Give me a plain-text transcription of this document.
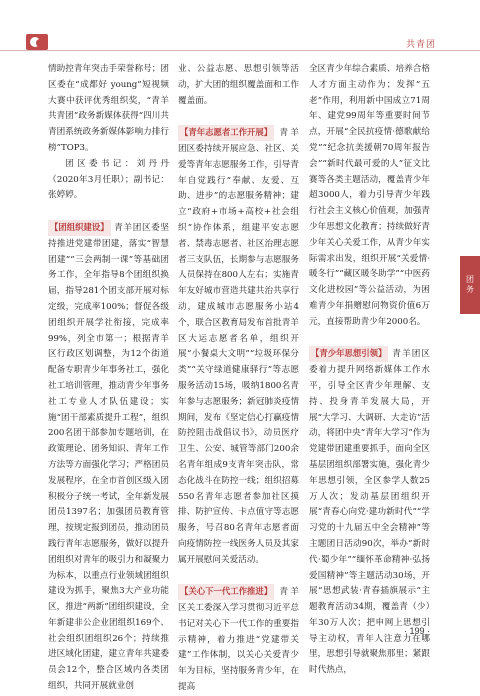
共青团
团务

情助控青年突击手荣誉称号；团区委在“成都好 young”短视频大赛中获评优秀组织奖，“青羊共青团”政务新媒体获得“四川共青团系统政务新媒体影响力排行榜”TOP3。

团区委书记：刘丹丹（2020年3月任职）；副书记：张婷婷。

【团组织建设】 青羊团区委坚持推进党建带团建，落实“智慧团建”“三会两制一课”等基础团务工作，全年指导8个团组织换届，指导281个团支部开展对标定级，完成率100%；督促各级团组织开展学社衔接，完成率99%，列全市第一；根据青羊区行政区划调整，为12个街道配备专职青少年事务社工，强化社工培训管理，推动青少年事务社工专业人才队伍建设；实施“团干部素质提升工程”，组织200名团干部参加专题培训，在政策理论、团务知识、青年工作方法等方面强化学习；严格团员发展程序，在全市首创区级入团积极分子统一考试，全年新发展团员1397名；加强团员教育管理，按规定报到团员，推动团员践行青年志愿服务，做好以提升团组织对青年的吸引力和凝聚力为标本，以重点行业领域团组织建设为抓手，聚焦3大产业功能区，推进“两新”团组织建设，全年新建非公企业团组织169个、社会组织团组织26个；持续推进区域化团建，建立青年共建委员会12个，整合区域内各类团组织，共同开展就业创

业、公益志愿、思想引领等活动，扩大团的组织覆盖面和工作覆盖面。

【青年志愿者工作开展】 青羊团区委持续开展应急、社区、关爱等青年志愿服务工作，引导青年自觉践行“奉献、友爱、互助、进步”的志愿服务精神；建立“政府+市场+高校+社会组织”协作体系，组建平安志愿者、禁毒志愿者、社区治理志愿者三支队伍，长期参与志愿服务人员保持在800人左右；实施青年友好城市营造共建共治共享行动，建成城市志愿服务小站4个，联合区教育局发布首批青羊区大运志愿者名单，组织开展“小餐桌大文明”“垃圾环保分类”“关守绿道健康驿行”等志愿服务活动15场，吸纳1800名青年参与志愿服务；新冠肺炎疫情期间，发布《坚定信心打赢疫情防控阻击战倡议书》，动员医疗卫生、公安、城管等部门200余名青年组成9支青年突击队，常态化战斗在防控一线；组织招募550名青年志愿者参加社区摸排、防护宣传、卡点值守等志愿服务，号召80名青年志愿者面向疫情防控一线医务人员及其家属开展慰问关爱活动。

【关心下一代工作推进】 青羊区关工委深入学习贯彻习近平总书记对关心下一代工作的重要指示精神，着力推进“党建带关建”工作体制，以关心关爱青少年为目标，坚持服务青少年，在提高

全区青少年综合素质、培养合格人才方面主动作为；发挥“五老”作用，利用新中国成立71周年、建党99周年等重要时间节点，开展“全民抗疫情·德歌献给党”“纪念抗美援朝70周年报告会”“新时代最可爱的人”征文比赛等各类主题活动，覆盖青少年超3000人，着力引导青少年践行社会主义核心价值观，加强青少年思想文化教育；持续做好青少年关心关爱工作，从青少年实际需求出发，组织开展“关爱情·暖冬行”“藏区暖冬助学”“中医药文化进校园”等公益活动，为困难青少年捐赠慰问物资价值6万元，直接帮助青少年2000名。

【青少年思想引领】 青羊团区委着力提升网络新媒体工作水平，引导全区青少年理解、支持、投身青羊发展大局，开展“大学习、大调研、大走访”活动，将团中央“青年大学习”作为党建带团建重要抓手，面向全区基层团组织部署实施，强化青少年思想引领，全区参学人数25万人次；发动基层团组织开展“青春心向党·建功新时代”“学习党的十九届五中全会精神”等主题团日活动90次，举办“新时代·蜀少年”“缅怀革命精神·弘扬爱国精神”等主题活动30场，开展“思想武装·青春插旗展示”主题教育活动34期，覆盖青（少）年30万人次；把申网上思想引导主动权，青年人注意力在哪里，思想引导就聚焦那里；紧跟时代热点，

· 199 ·
